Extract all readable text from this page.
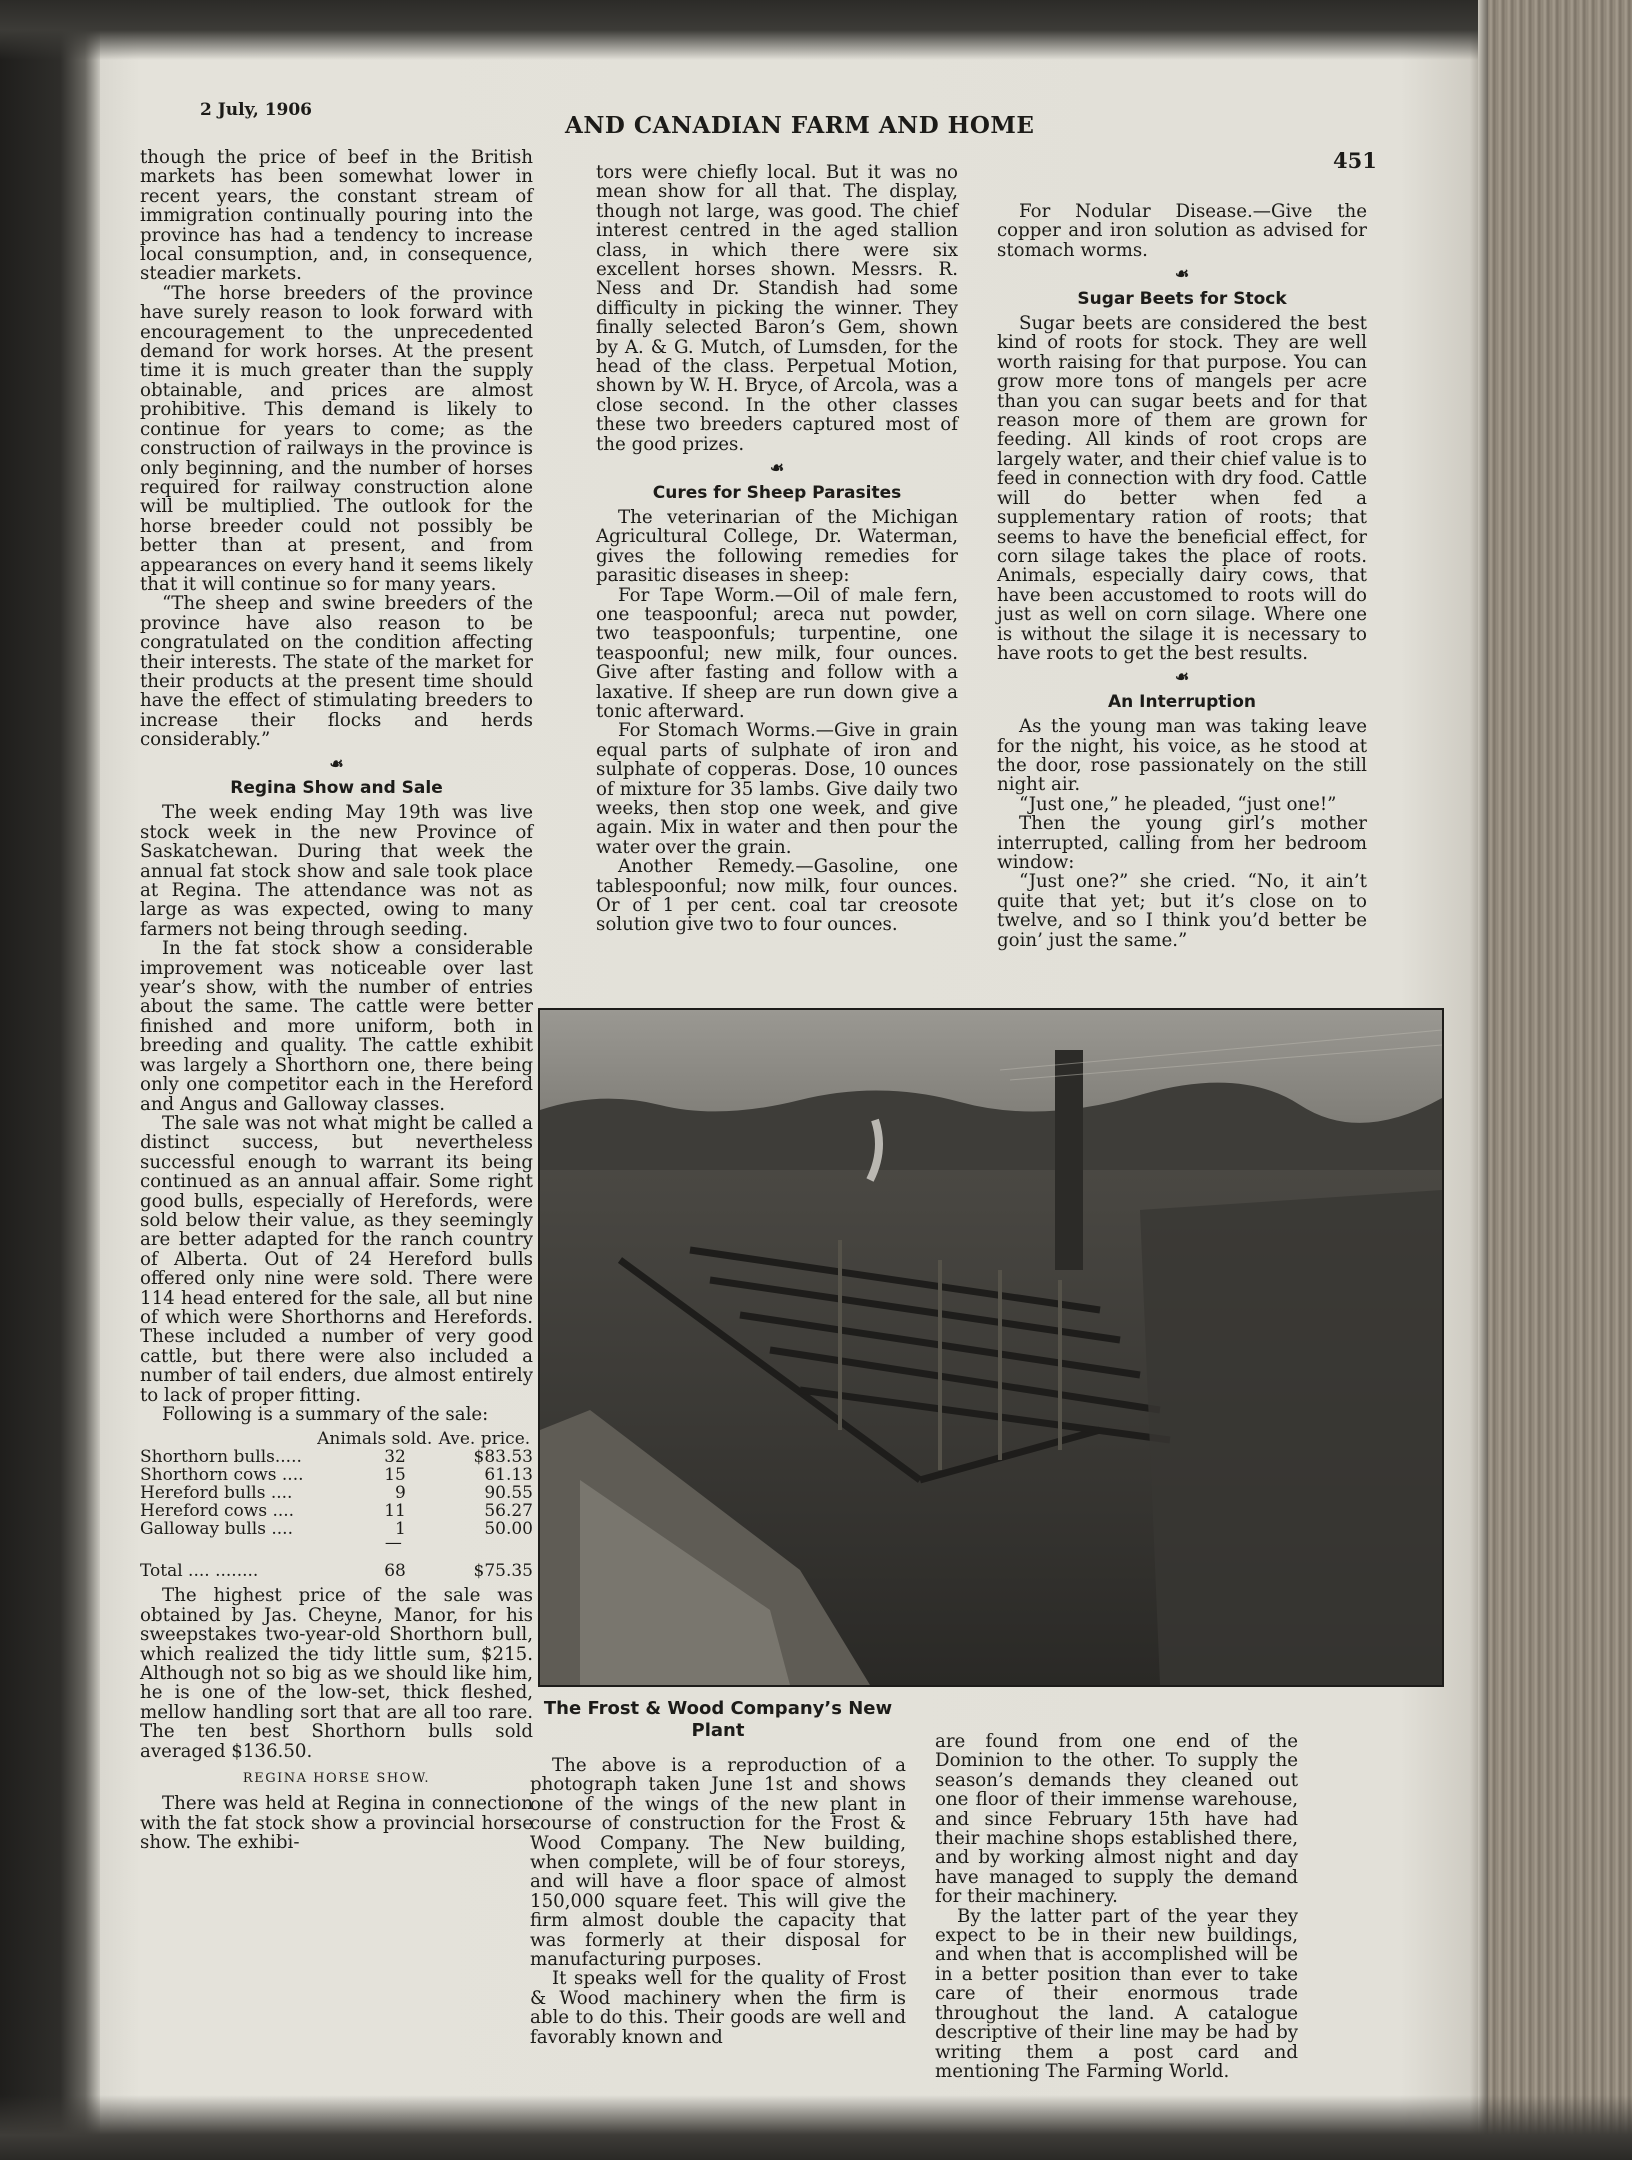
2 July, 1906
AND CANADIAN FARM AND HOME
451

though the price of beef in the British markets has been somewhat lower in recent years, the constant stream of immigration continually pouring into the province has had a tendency to increase local consumption, and, in consequence, steadier markets.

“The horse breeders of the province have surely reason to look forward with encouragement to the unprecedented demand for work horses. At the present time it is much greater than the supply obtainable, and prices are almost prohibitive. This demand is likely to continue for years to come; as the construction of railways in the province is only beginning, and the number of horses required for railway construction alone will be multiplied. The outlook for the horse breeder could not possibly be better than at present, and from appearances on every hand it seems likely that it will continue so for many years.

“The sheep and swine breeders of the province have also reason to be congratulated on the condition affecting their interests. The state of the market for their products at the present time should have the effect of stimulating breeders to increase their flocks and herds considerably.”

☙
Regina Show and Sale

The week ending May 19th was live stock week in the new Province of Saskatchewan. During that week the annual fat stock show and sale took place at Regina. The attendance was not as large as was expected, owing to many farmers not being through seeding.

In the fat stock show a considerable improvement was noticeable over last year’s show, with the number of entries about the same. The cattle were better finished and more uniform, both in breeding and quality. The cattle exhibit was largely a Shorthorn one, there being only one competitor each in the Hereford and Angus and Galloway classes.

The sale was not what might be called a distinct success, but nevertheless successful enough to warrant its being continued as an annual affair. Some right good bulls, especially of Herefords, were sold below their value, as they seemingly are better adapted for the ranch country of Alberta. Out of 24 Hereford bulls offered only nine were sold. There were 114 head entered for the sale, all but nine of which were Shorthorns and Herefords. These included a number of very good cattle, but there were also included a number of tail enders, due almost entirely to lack of proper fitting.

Following is a summary of the sale:

	Animals sold.	Ave. price.
Shorthorn bulls.....	32	$83.53
Shorthorn cows ....	15	61.13
Hereford bulls ....	9	90.55
Hereford cows ....	11	56.27
Galloway bulls ....	1	50.00
	—	
Total .... ........	68	$75.35

The highest price of the sale was obtained by Jas. Cheyne, Manor, for his sweepstakes two-year-old Shorthorn bull, which realized the tidy little sum, $215. Although not so big as we should like him, he is one of the low-set, thick fleshed, mellow handling sort that are all too rare. The ten best Shorthorn bulls sold averaged $136.50.

REGINA HORSE SHOW.

There was held at Regina in connection with the fat stock show a provincial horse show. The exhibi-

tors were chiefly local. But it was no mean show for all that. The display, though not large, was good. The chief interest centred in the aged stallion class, in which there were six excellent horses shown. Messrs. R. Ness and Dr. Standish had some difficulty in picking the winner. They finally selected Baron’s Gem, shown by A. & G. Mutch, of Lumsden, for the head of the class. Perpetual Motion, shown by W. H. Bryce, of Arcola, was a close second. In the other classes these two breeders captured most of the good prizes.

☙
Cures for Sheep Parasites

The veterinarian of the Michigan Agricultural College, Dr. Waterman, gives the following remedies for parasitic diseases in sheep:

For Tape Worm.—Oil of male fern, one teaspoonful; areca nut powder, two teaspoonfuls; turpentine, one teaspoonful; new milk, four ounces. Give after fasting and follow with a laxative. If sheep are run down give a tonic afterward.

For Stomach Worms.—Give in grain equal parts of sulphate of iron and sulphate of copperas. Dose, 10 ounces of mixture for 35 lambs. Give daily two weeks, then stop one week, and give again. Mix in water and then pour the water over the grain.

Another Remedy.—Gasoline, one tablespoonful; now milk, four ounces. Or of 1 per cent. coal tar creosote solution give two to four ounces.

For Nodular Disease.—Give the copper and iron solution as advised for stomach worms.

☙
Sugar Beets for Stock

Sugar beets are considered the best kind of roots for stock. They are well worth raising for that purpose. You can grow more tons of mangels per acre than you can sugar beets and for that reason more of them are grown for feeding. All kinds of root crops are largely water, and their chief value is to feed in connection with dry food. Cattle will do better when fed a supplementary ration of roots; that seems to have the beneficial effect, for corn silage takes the place of roots. Animals, especially dairy cows, that have been accustomed to roots will do just as well on corn silage. Where one is without the silage it is necessary to have roots to get the best results.

☙
An Interruption

As the young man was taking leave for the night, his voice, as he stood at the door, rose passionately on the still night air.

“Just one,” he pleaded, “just one!”

Then the young girl’s mother interrupted, calling from her bedroom window:

“Just one?” she cried. “No, it ain’t quite that yet; but it’s close on to twelve, and so I think you’d better be goin’ just the same.”

The Frost & Wood Company’s New Plant

The above is a reproduction of a photograph taken June 1st and shows one of the wings of the new plant in course of construction for the Frost & Wood Company. The New building, when complete, will be of four storeys, and will have a floor space of almost 150,000 square feet. This will give the firm almost double the capacity that was formerly at their disposal for manufacturing purposes.

It speaks well for the quality of Frost & Wood machinery when the firm is able to do this. Their goods are well and favorably known and

are found from one end of the Dominion to the other. To supply the season’s demands they cleaned out one floor of their immense warehouse, and since February 15th have had their machine shops established there, and by working almost night and day have managed to supply the demand for their machinery.

By the latter part of the year they expect to be in their new buildings, and when that is accomplished will be in a better position than ever to take care of their enormous trade throughout the land. A catalogue descriptive of their line may be had by writing them a post card and mentioning The Farming World.
